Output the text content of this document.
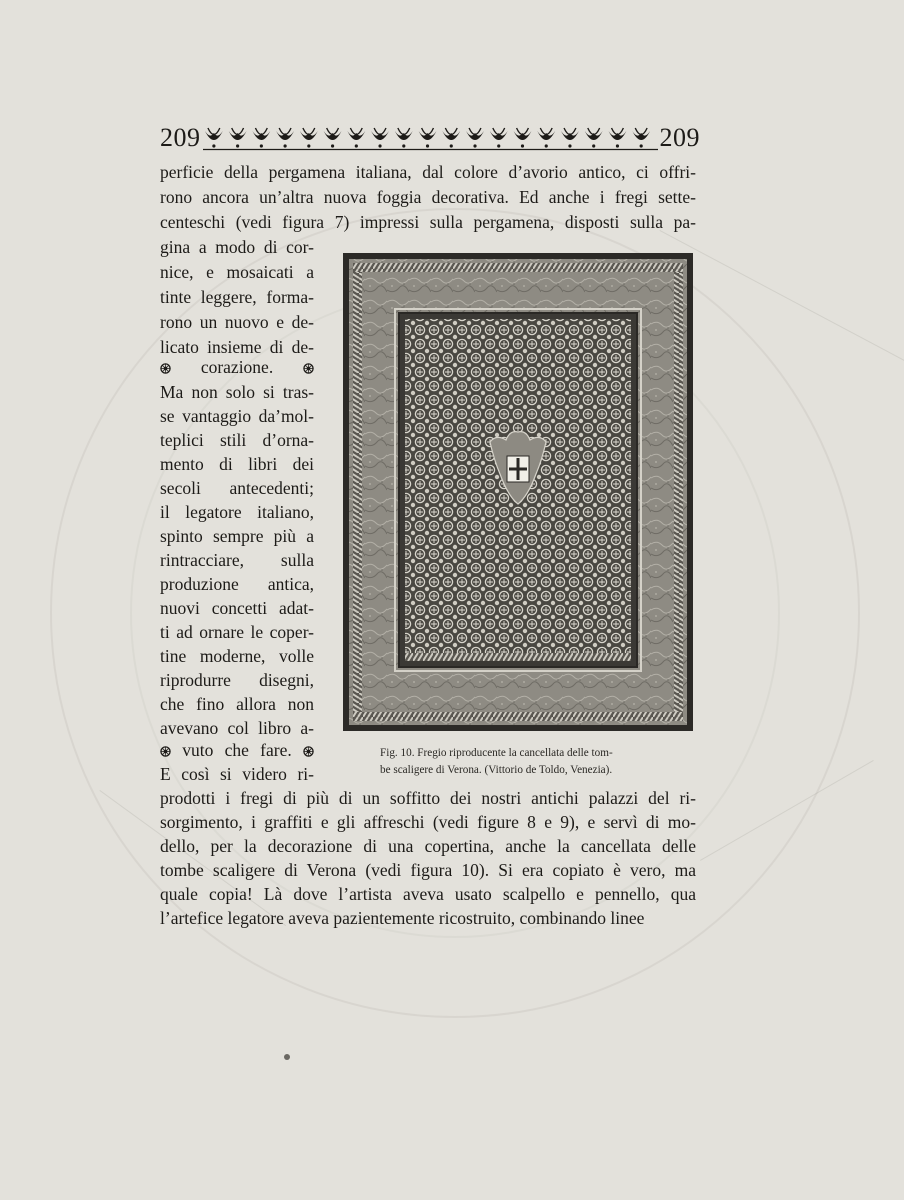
209	209
perficie della pergamena italiana, dal colore d’avorio antico, ci offri-
rono ancora un’altra nuova foggia decorativa. Ed anche i fregi sette-
centeschi (vedi figura 7) impressi sulla pergamena, disposti sulla pa-
gina a modo di cor-
nice, e mosaicati a
tinte leggere, forma-
rono un nuovo e de-
licato insieme di de-
corazione.
Ma non solo si tras-
se vantaggio da’mol-
teplici stili d’orna-
mento di libri dei
secoli antecedenti;
il legatore italiano,
spinto sempre più a
rintracciare, sulla
produzione antica,
nuovi concetti adat-
ti ad ornare le coper-
tine moderne, volle
riprodurre disegni,
che fino allora non
avevano col libro a-
vuto che fare.
E così si videro ri-
Fig. 10. Fregio riproducente la cancellata delle tom-
be scaligere di Verona. (Vittorio de Toldo, Venezia).
prodotti i fregi di più di un soffitto dei nostri antichi palazzi del ri-
sorgimento, i graffiti e gli affreschi (vedi figure 8 e 9), e servì di mo-
dello, per la decorazione di una copertina, anche la cancellata delle
tombe scaligere di Verona (vedi figura 10). Si era copiato è vero, ma
quale copia! Là dove l’artista aveva usato scalpello e pennello, qua
l’artefice legatore aveva pazientemente ricostruito, combinando linee
